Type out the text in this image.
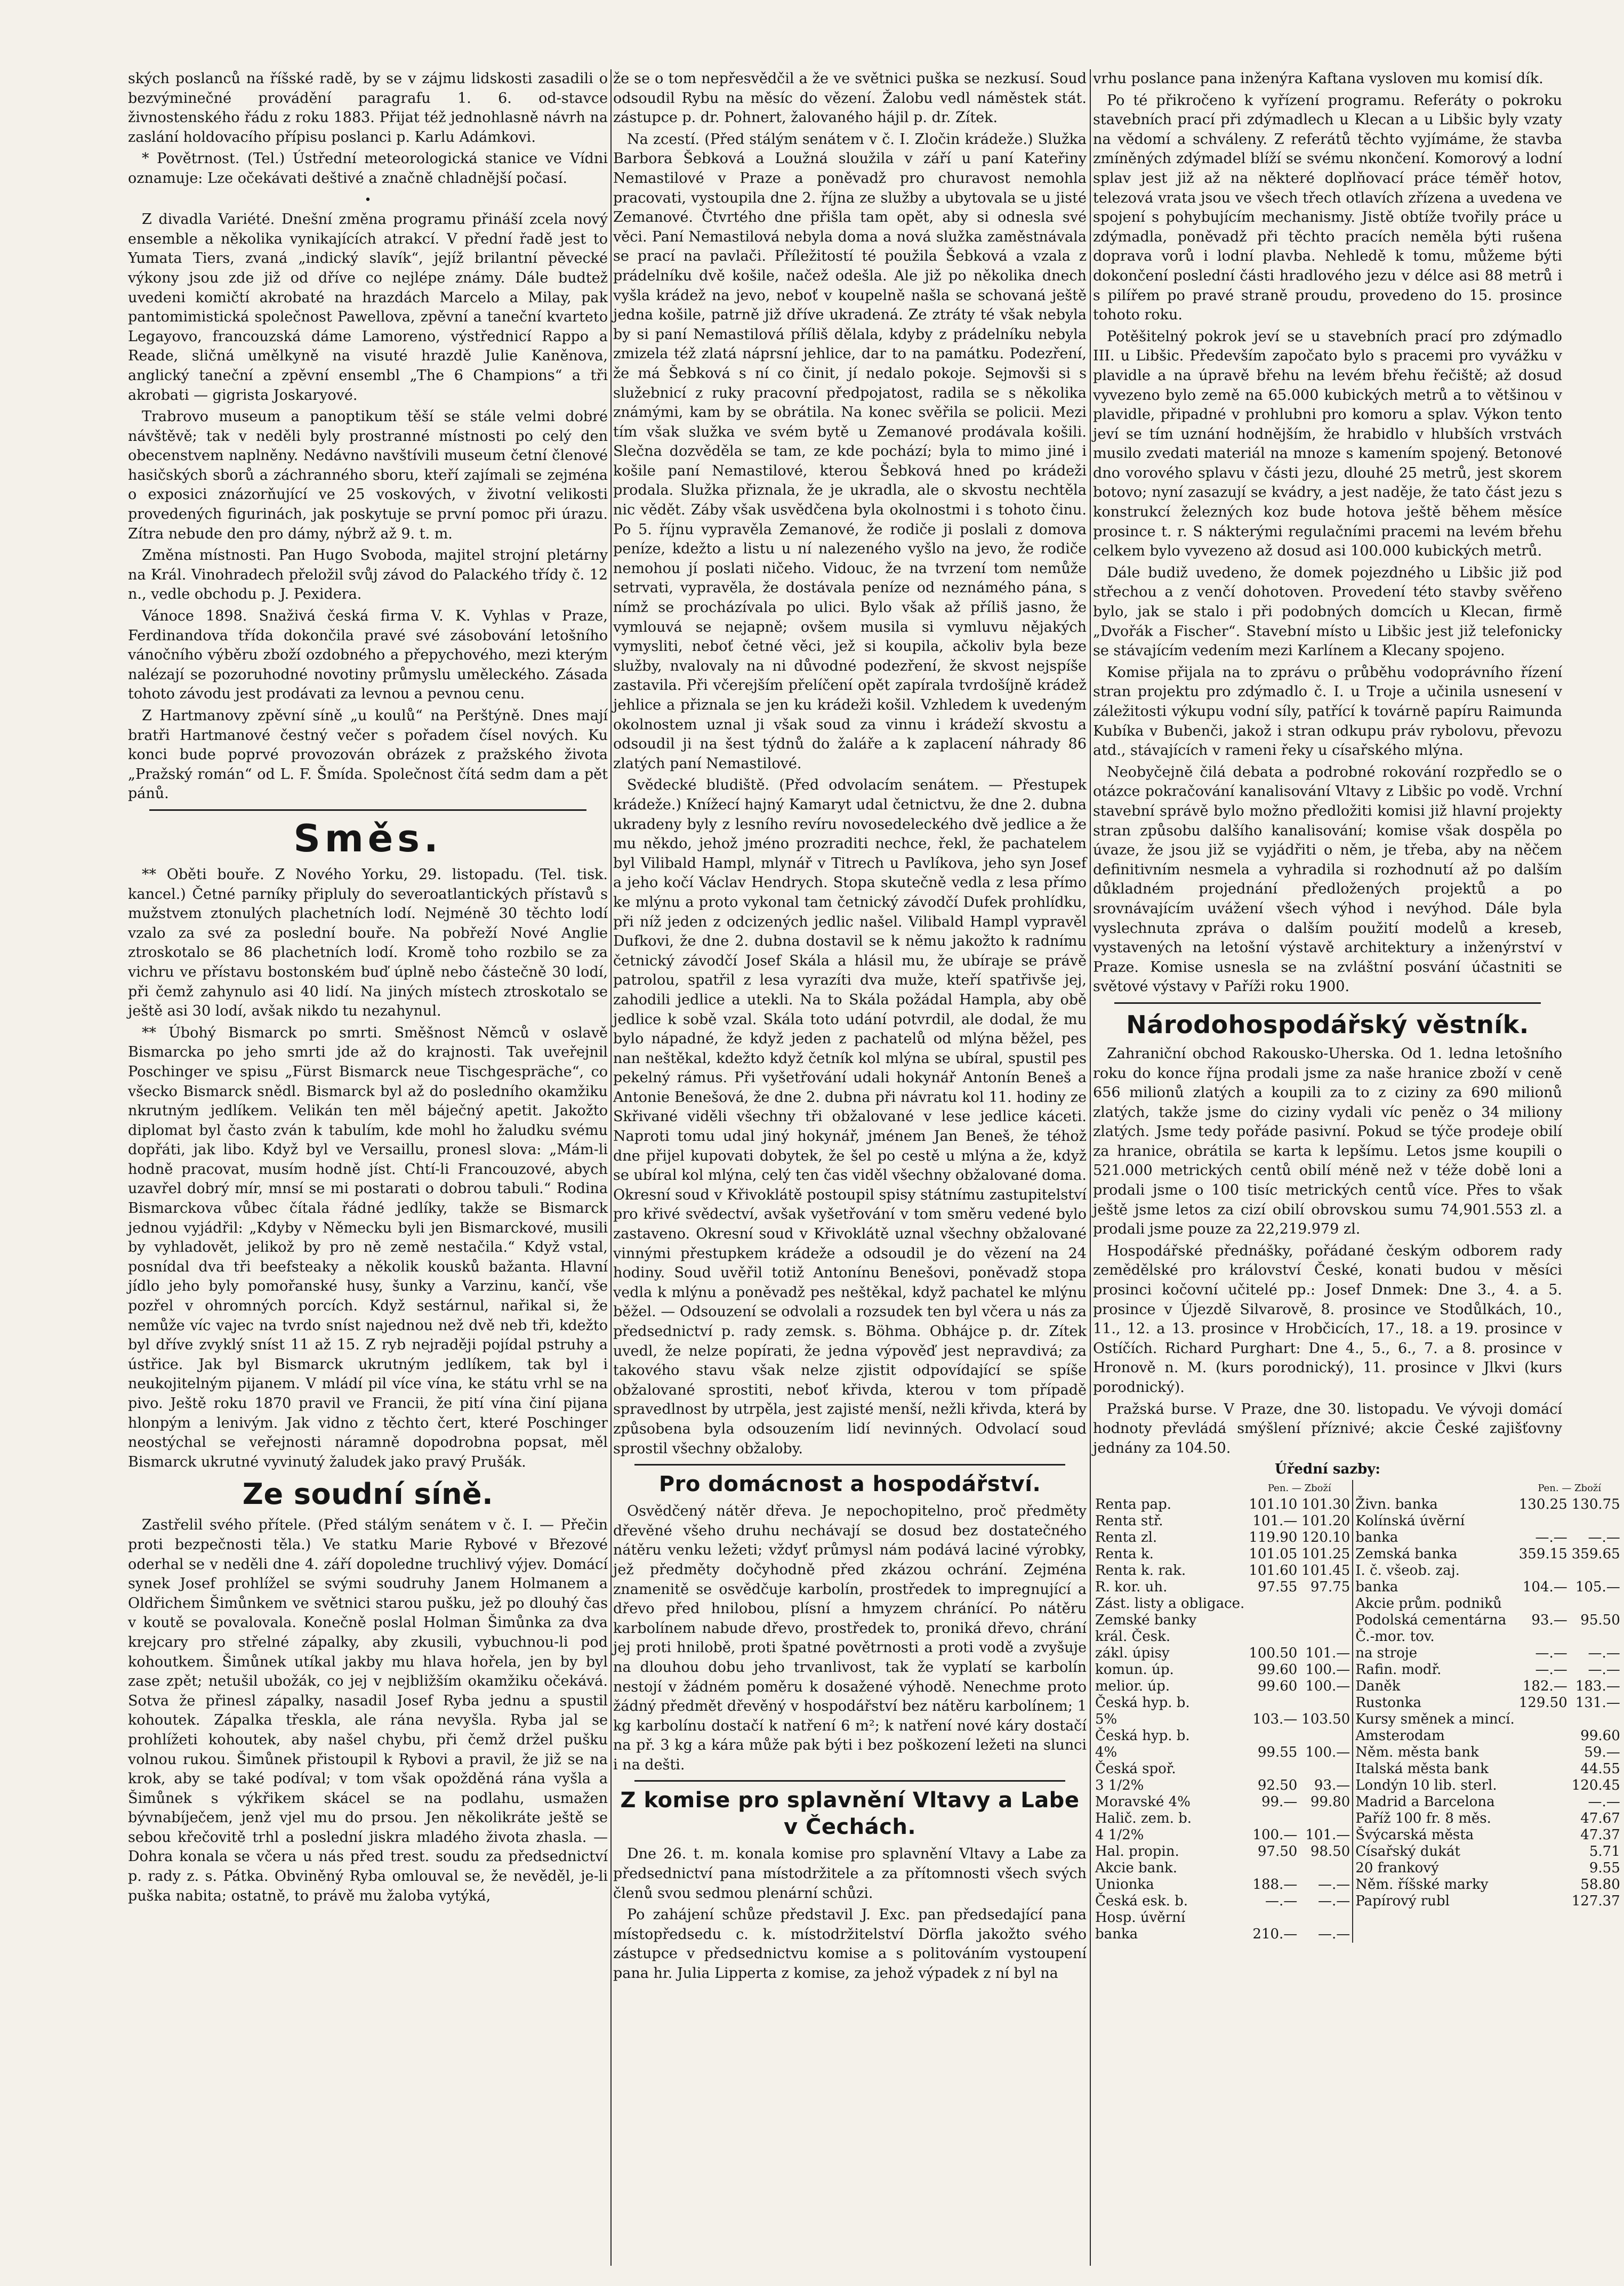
ských poslanců na říšské radě, by se v zájmu lidskosti zasadili o bezvýminečné provádění paragrafu 1. 6. od-stavce živnostenského řádu z roku 1883. Přijat též jednohlasně návrh na zaslání holdovacího přípisu poslanci p. Karlu Adámkovi.

* Povětrnost. (Tel.) Ústřední meteorologická stanice ve Vídni oznamuje: Lze očekávati deštivé a značně chladnější počasí.

•

Z divadla Variété. Dnešní změna programu přináší zcela nový ensemble a několika vynikajících atrakcí. V přední řadě jest to Yumata Tiers, zvaná „indický slavík“, jejíž brilantní pěvecké výkony jsou zde již od dříve co nejlépe známy. Dále budtež uvedeni komičtí akrobaté na hrazdách Marcelo a Milay, pak pantomimistická společnost Pawellova, zpěvní a taneční kvarteto Legayovo, francouzská dáme Lamoreno, výstřednicí Rappo a Reade, sličná umělkyně na visuté hrazdě Julie Kaněnova, anglický taneční a zpěvní ensembl „The 6 Champions“ a tři akrobati — gigrista Joskaryové.

Trabrovo museum a panoptikum těší se stále velmi dobré návštěvě; tak v neděli byly prostranné místnosti po celý den obecenstvem naplněny. Nedávno navštívili museum četní členové hasičských sborů a záchranného sboru, kteří zajímali se zejména o exposici znázorňující ve 25 voskových, v životní velikosti provedených figurinách, jak poskytuje se první pomoc při úrazu. Zítra nebude den pro dámy, nýbrž až 9. t. m.

Změna místnosti. Pan Hugo Svoboda, majitel strojní pletárny na Král. Vinohradech přeložil svůj závod do Palackého třídy č. 12 n., vedle obchodu p. J. Pexidera.

Vánoce 1898. Snaživá česká firma V. K. Vyhlas v Praze, Ferdinandova třída dokončila pravé své zásobování letošního vánočního výběru zboží ozdobného a přepychového, mezi kterým nalézají se pozoruhodné novotiny průmyslu uměleckého. Zásada tohoto závodu jest prodávati za levnou a pevnou cenu.

Z Hartmanovy zpěvní síně „u koulů“ na Perštýně. Dnes mají bratři Hartmanové čestný večer s pořadem čísel nových. Ku konci bude poprvé provozován obrázek z pražského života „Pražský román“ od L. F. Šmída. Společnost čítá sedm dam a pět pánů.

Směs.

** Oběti bouře. Z Nového Yorku, 29. listopadu. (Tel. tisk. kancel.) Četné parníky připluly do severoatlantických přístavů s mužstvem ztonulých plachetních lodí. Nejméně 30 těchto lodí vzalo za své za poslední bouře. Na pobřeží Nové Anglie ztroskotalo se 86 plachetních lodí. Kromě toho rozbilo se za vichru ve přístavu bostonském buď úplně nebo částečně 30 lodí, při čemž zahynulo asi 40 lidí. Na jiných místech ztroskotalo se ještě asi 30 lodí, avšak nikdo tu nezahynul.

** Úbohý Bismarck po smrti. Směšnost Němců v oslavě Bismarcka po jeho smrti jde až do krajnosti. Tak uveřejnil Poschinger ve spisu „Fürst Bismarck neue Tischgespräche“, co všecko Bismarck snědl. Bismarck byl až do posledního okamžiku nkrutným jedlíkem. Velikán ten měl báječný apetit. Jakožto diplomat byl často zván k tabulím, kde mohl ho žaludku svému dopřáti, jak libo. Když byl ve Versaillu, pronesl slova: „Mám-li hodně pracovat, musím hodně jíst. Chtí-li Francouzové, abych uzavřel dobrý mír, mnsí se mi postarati o dobrou tabuli.“ Rodina Bismarckova vůbec čítala řádné jedlíky, takže se Bismarck jednou vyjádřil: „Kdyby v Německu byli jen Bismarckové, musili by vyhladovět, jelikož by pro ně země nestačila.“ Když vstal, posnídal dva tři beefsteaky a několik kousků bažanta. Hlavní jídlo jeho byly pomořanské husy, šunky a Varzinu, kančí, vše pozřel v ohromných porcích. Když sestárnul, nařikal si, že nemůže víc vajec na tvrdo sníst najednou než dvě neb tři, kdežto byl dříve zvyklý sníst 11 až 15. Z ryb nejraději pojídal pstruhy a ústřice. Jak byl Bismarck ukrutným jedlíkem, tak byl i neukojitelným pijanem. V mládí pil více vína, ke státu vrhl se na pivo. Ještě roku 1870 pravil ve Francii, že pití vína činí pijana hlonpým a lenivým. Jak vidno z těchto čert, které Poschinger neostýchal se veřejnosti náramně dopodrobna popsat, měl Bismarck ukrutné vyvinutý žaludek jako pravý Prušák.

Ze soudní síně.

Zastřelil svého přítele. (Před stálým senátem v č. I. — Přečin proti bezpečnosti těla.) Ve statku Marie Rybové v Březové oderhal se v neděli dne 4. září dopoledne truchlivý výjev. Domácí synek Josef prohlížel se svými soudruhy Janem Holmanem a Oldřichem Šimůnkem ve světnici starou pušku, jež po dlouhý čas v koutě se povalovala. Konečně poslal Holman Šimůnka za dva krejcary pro střelné zápalky, aby zkusili, vybuchnou-li pod kohoutkem. Šimůnek utíkal jakby mu hlava hořela, jen by byl zase zpět; netušil ubožák, co jej v nejbližším okamžiku očekává. Sotva že přinesl zápalky, nasadil Josef Ryba jednu a spustil kohoutek. Zápalka třeskla, ale rána nevyšla. Ryba jal se prohlížeti kohoutek, aby našel chybu, při čemž držel pušku volnou rukou. Šimůnek přistoupil k Rybovi a pravil, že již se na krok, aby se také podíval; v tom však opožděná rána vyšla a Šimůnek s výkřikem skácel se na podlahu, usmažen bývnabíječem, jenž vjel mu do prsou. Jen několikráte ještě se sebou křečovitě trhl a poslední jiskra mladého života zhasla. — Dohra konala se včera u nás před trest. soudu za předsednictví p. rady z. s. Pátka. Obviněný Ryba omlouval se, že nevěděl, je-li puška nabita; ostatně, to právě mu žaloba vytýká,

že se o tom nepřesvědčil a že ve světnici puška se nezkusí. Soud odsoudil Rybu na měsíc do vězení. Žalobu vedl náměstek stát. zástupce p. dr. Pohnert, žalovaného hájil p. dr. Zítek.

Na zcestí. (Před stálým senátem v č. I. Zločin krádeže.) Služka Barbora Šebková a Loužná sloužila v září u paní Kateřiny Nemastilové v Praze a poněvadž pro churavost nemohla pracovati, vystoupila dne 2. října ze služby a ubytovala se u jisté Zemanové. Čtvrtého dne přišla tam opět, aby si odnesla své věci. Paní Nemastilová nebyla doma a nová služka zaměstnávala se prací na pavlači. Příležitostí té použila Šebková a vzala z prádelníku dvě košile, načež odešla. Ale již po několika dnech vyšla krádež na jevo, neboť v koupelně našla se schovaná ještě jedna košile, patrně již dříve ukradená. Ze ztráty té však nebyla by si paní Nemastilová příliš dělala, kdyby z prádelníku nebyla zmizela též zlatá náprsní jehlice, dar to na památku. Podezření, že má Šebková s ní co činit, jí nedalo pokoje. Sejmovši si s služebnicí z ruky pracovní předpojatost, radila se s několika známými, kam by se obrátila. Na konec svěřila se policii. Mezi tím však služka ve svém bytě u Zemanové prodávala košili. Slečna dozvěděla se tam, ze kde pochází; byla to mimo jiné i košile paní Nemastilové, kterou Šebková hned po krádeži prodala. Služka přiznala, že je ukradla, ale o skvostu nechtěla nic vědět. Záby však usvědčena byla okolnostmi i s tohoto činu. Po 5. říjnu vypravěla Zemanové, že rodiče ji poslali z domova peníze, kdežto a listu u ní nalezeného vyšlo na jevo, že rodiče nemohou jí poslati ničeho. Vidouc, že na tvrzení tom nemůže setrvati, vypravěla, že dostávala peníze od neznámého pána, s nímž se procházívala po ulici. Bylo však až příliš jasno, že vymlouvá se nejapně; ovšem musila si vymluvu nějakých vymysliti, neboť četné věci, jež si koupila, ačkoliv byla beze služby, nvalovaly na ni důvodné podezření, že skvost nejspíše zastavila. Při včerejším přelíčení opět zapírala tvrdošíjně krádež jehlice a přiznala se jen ku krádeži košil. Vzhledem k uvedeným okolnostem uznal ji však soud za vinnu i krádeží skvostu a odsoudil ji na šest týdnů do žaláře a k zaplacení náhrady 86 zlatých paní Nemastilové.

Svědecké bludiště. (Před odvolacím senátem. — Přestupek krádeže.) Knížecí hajný Kamaryt udal četnictvu, že dne 2. dubna ukradeny byly z lesního revíru novosedeleckého dvě jedlice a že mu někdo, jehož jméno prozraditi nechce, řekl, že pachatelem byl Vilibald Hampl, mlynář v Titrech u Pavlíkova, jeho syn Josef a jeho kočí Václav Hendrych. Stopa skutečně vedla z lesa přímo ke mlýnu a proto vykonal tam četnický závodčí Dufek prohlídku, při níž jeden z odcizených jedlic našel. Vilibald Hampl vypravěl Dufkovi, že dne 2. dubna dostavil se k němu jakožto k radnímu četnický závodčí Josef Skála a hlásil mu, že ubíraje se právě patrolou, spatřil z lesa vyrazíti dva muže, kteří spatřivše jej, zahodili jedlice a utekli. Na to Skála požádal Hampla, aby obě jedlice k sobě vzal. Skála toto udání potvrdil, ale dodal, že mu bylo nápadné, že když jeden z pachatelů od mlýna běžel, pes nan neštěkal, kdežto když četník kol mlýna se ubíral, spustil pes pekelný rámus. Při vyšetřování udali hokynář Antonín Beneš a Antonie Benešová, že dne 2. dubna při návratu kol 11. hodiny ze Skřivané viděli všechny tři obžalované v lese jedlice káceti. Naproti tomu udal jiný hokynář, jménem Jan Beneš, že téhož dne přijel kupovati dobytek, že šel po cestě u mlýna a že, když se ubíral kol mlýna, celý ten čas viděl všechny obžalované doma. Okresní soud v Křivoklátě postoupil spisy státnímu zastupitelství pro křivé svědectví, avšak vyšetřování v tom směru vedené bylo zastaveno. Okresní soud v Křivoklátě uznal všechny obžalované vinnými přestupkem krádeže a odsoudil je do vězení na 24 hodiny. Soud uvěřil totiž Antonínu Benešovi, poněvadž stopa vedla k mlýnu a poněvadž pes neštěkal, když pachatel ke mlýnu běžel. — Odsouzení se odvolali a rozsudek ten byl včera u nás za předsednictví p. rady zemsk. s. Böhma. Obhájce p. dr. Zítek uvedl, že nelze popírati, že jedna výpověď jest nepravdivá; za takového stavu však nelze zjistit odpovídající se spíše obžalované sprostiti, neboť křivda, kterou v tom případě spravedlnost by utrpěla, jest zajisté menší, nežli křivda, která by způsobena byla odsouzením lidí nevinných. Odvolací soud sprostil všechny obžaloby.

Pro domácnost a hospodářství.

Osvědčený nátěr dřeva. Je nepochopitelno, proč předměty dřevěné všeho druhu nechávají se dosud bez dostatečného nátěru venku ležeti; vždyť průmysl nám podává laciné výrobky, jež předměty dočyhodně před zkázou ochrání. Zejména znamenitě se osvědčuje karbolín, prostředek to impregnující a dřevo před hnilobou, plísní a hmyzem chránící. Po nátěru karbolínem nabude dřevo, prostředek to, proniká dřevo, chrání jej proti hnilobě, proti špatné povětrnosti a proti vodě a zvyšuje na dlouhou dobu jeho trvanlivost, tak že vyplatí se karbolín nestojí v žádném poměru k dosažené výhodě. Nenechme proto žádný předmět dřevěný v hospodářství bez nátěru karbolínem; 1 kg karbolínu dostačí k natření 6 m²; k natření nové káry dostačí na př. 3 kg a kára může pak býti i bez poškození ležeti na slunci i na dešti.

Z komise pro splavnění Vltavy a Labe v Čechách.

Dne 26. t. m. konala komise pro splavnění Vltavy a Labe za předsednictví pana místodržitele a za přítomnosti všech svých členů svou sedmou plenární schůzi.

Po zahájení schůze představil J. Exc. pan předsedající pana místopředsedu c. k. místodržitelství Dörfla jakožto svého zástupce v předsednictvu komise a s politováním vystoupení pana hr. Julia Lipperta z komise, za jehož výpadek z ní byl na

vrhu poslance pana inženýra Kaftana vysloven mu komisí dík.

Po té přikročeno k vyřízení programu. Referáty o pokroku stavebních prací při zdýmadlech u Klecan a u Libšic byly vzaty na vědomí a schváleny. Z referátů těchto vyjímáme, že stavba zmíněných zdýmadel blíží se svému nkončení. Komorový a lodní splav jest již až na některé doplňovací práce téměř hotov, telezová vrata jsou ve všech třech otlavích zřízena a uvedena ve spojení s pohybujícím mechanismy. Jistě obtíže tvořily práce u zdýmadla, poněvadž při těchto pracích neměla býti rušena doprava vorů i lodní plavba. Nehledě k tomu, můžeme býti dokončení poslední části hradlového jezu v délce asi 88 metrů i s pilířem po pravé straně proudu, provedeno do 15. prosince tohoto roku.

Potěšitelný pokrok jeví se u stavebních prací pro zdýmadlo III. u Libšic. Především započato bylo s pracemi pro vyvážku v plavidle a na úpravě břehu na levém břehu řečiště; až dosud vyvezeno bylo země na 65.000 kubických metrů a to většinou v plavidle, připadné v prohlubni pro komoru a splav. Výkon tento jeví se tím uznání hodnějším, že hrabidlo v hlubších vrstvách musilo zvedati materiál na mnoze s kamením spojený. Betonové dno vorového splavu v části jezu, dlouhé 25 metrů, jest skorem botovo; nyní zasazují se kvádry, a jest naděje, že tato část jezu s konstrukcí železných koz bude hotova ještě během měsíce prosince t. r. S nákterými regulačními pracemi na levém břehu celkem bylo vyvezeno až dosud asi 100.000 kubických metrů.

Dále budiž uvedeno, že domek pojezdného u Libšic již pod střechou a z venčí dohotoven. Provedení této stavby svěřeno bylo, jak se stalo i při podobných domcích u Klecan, firmě „Dvořák a Fischer“. Stavební místo u Libšic jest již telefonicky se stávajícím vedením mezi Karlínem a Klecany spojeno.

Komise přijala na to zprávu o průběhu vodoprávního řízení stran projektu pro zdýmadlo č. I. u Troje a učinila usnesení v záležitosti výkupu vodní síly, patřící k továrně papíru Raimunda Kubíka v Bubenči, jakož i stran odkupu práv rybolovu, převozu atd., stávajících v rameni řeky u císařského mlýna.

Neobyčejně čilá debata a podrobné rokování rozpředlo se o otázce pokračování kanalisování Vltavy z Libšic po vodě. Vrchní stavební správě bylo možno předložiti komisi již hlavní projekty stran způsobu dalšího kanalisování; komise však dospěla po úvaze, že jsou již se vyjádřiti o něm, je třeba, aby na něčem definitivním nesmela a vyhradila si rozhodnutí až po dalším důkladném projednání předložených projektů a po srovnávajícím uvážení všech výhod i nevýhod. Dále byla vyslechnuta zpráva o dalším použití modelů a kreseb, vystavených na letošní výstavě architektury a inženýrství v Praze. Komise usnesla se na zvláštní posvání účastniti se světové výstavy v Paříži roku 1900.

Národohospodářský věstník.

Zahraniční obchod Rakousko-Uherska. Od 1. ledna letošního roku do konce října prodali jsme za naše hranice zboží v ceně 656 milionů zlatých a koupili za to z ciziny za 690 milionů zlatých, takže jsme do ciziny vydali víc peněz o 34 miliony zlatých. Jsme tedy pořáde pasivní. Pokud se týče prodeje obilí za hranice, obrátila se karta k lepšímu. Letos jsme koupili o 521.000 metrických centů obilí méně než v téže době loni a prodali jsme o 100 tisíc metrických centů více. Přes to však ještě jsme letos za cizí obilí obrovskou sumu 74,901.553 zl. a prodali jsme pouze za 22,219.979 zl.

Hospodářské přednášky, pořádané českým odborem rady zemědělské pro království České, konati budou v měsíci prosinci kočovní učitelé pp.: Josef Dnmek: Dne 3., 4. a 5. prosince v Újezdě Silvarově, 8. prosince ve Stodůlkách, 10., 11., 12. a 13. prosince v Hrobčicích, 17., 18. a 19. prosince v Ostíčích. Richard Purghart: Dne 4., 5., 6., 7. a 8. prosince v Hronově n. M. (kurs porodnický), 11. prosince v Jlkvi (kurs porodnický).

Pražská burse. V Praze, dne 30. listopadu. Ve vývoji domácí hodnoty převládá smýšlení příznivé; akcie České zajišťovny jednány za 104.50.

Úřední sazby:
	Pen. — Zboží			Pen. — Zboží	
Renta pap.	101.10	101.30	Živn. banka	130.25	130.75
Renta stř.	101.—	101.20	Kolínská úvěrní		
Renta zl.	119.90	120.10	banka	—.—	—.—
Renta k.	101.05	101.25	Zemská banka	359.15	359.65
Renta k. rak.	101.60	101.45	I. č. všeob. zaj.		
R. kor. uh.	97.55	97.75	banka	104.—	105.—
Zást. listy a obligace.			Akcie prům. podniků		
Zemské banky			Podolská cementárna	93.—	95.50
král. Česk.			Č.-mor. tov.		
zákl. úpisy	100.50	101.—	na stroje	—.—	—.—
komun. úp.	99.60	100.—	Rafin. modř.	—.—	—.—
melior. úp.	99.60	100.—	Daněk	182.—	183.—
Česká hyp. b.			Rustonka	129.50	131.—
5%	103.—	103.50	Kursy směnek a mincí.		
Česká hyp. b.			Amsterodam		99.60
4%	99.55	100.—	Něm. města bank		59.—
Česká spoř.			Italská města bank		44.55
3 1/2%	92.50	93.—	Londýn 10 lib. sterl.		120.45
Moravské 4%	99.—	99.80	Madrid a Barcelona		—.—
Halič. zem. b.			Paříž 100 fr. 8 měs.		47.67
4 1/2%	100.—	101.—	Švýcarská města		47.37
Hal. propin.	97.50	98.50	Císařský dukát		5.71
Akcie bank.			20 frankový		9.55
Unionka	188.—	—.—	Něm. říšské marky		58.80
Česká esk. b.	—.—	—.—	Papírový rubl		127.37
Hosp. úvěrní					
banka	210.—	—.—			
